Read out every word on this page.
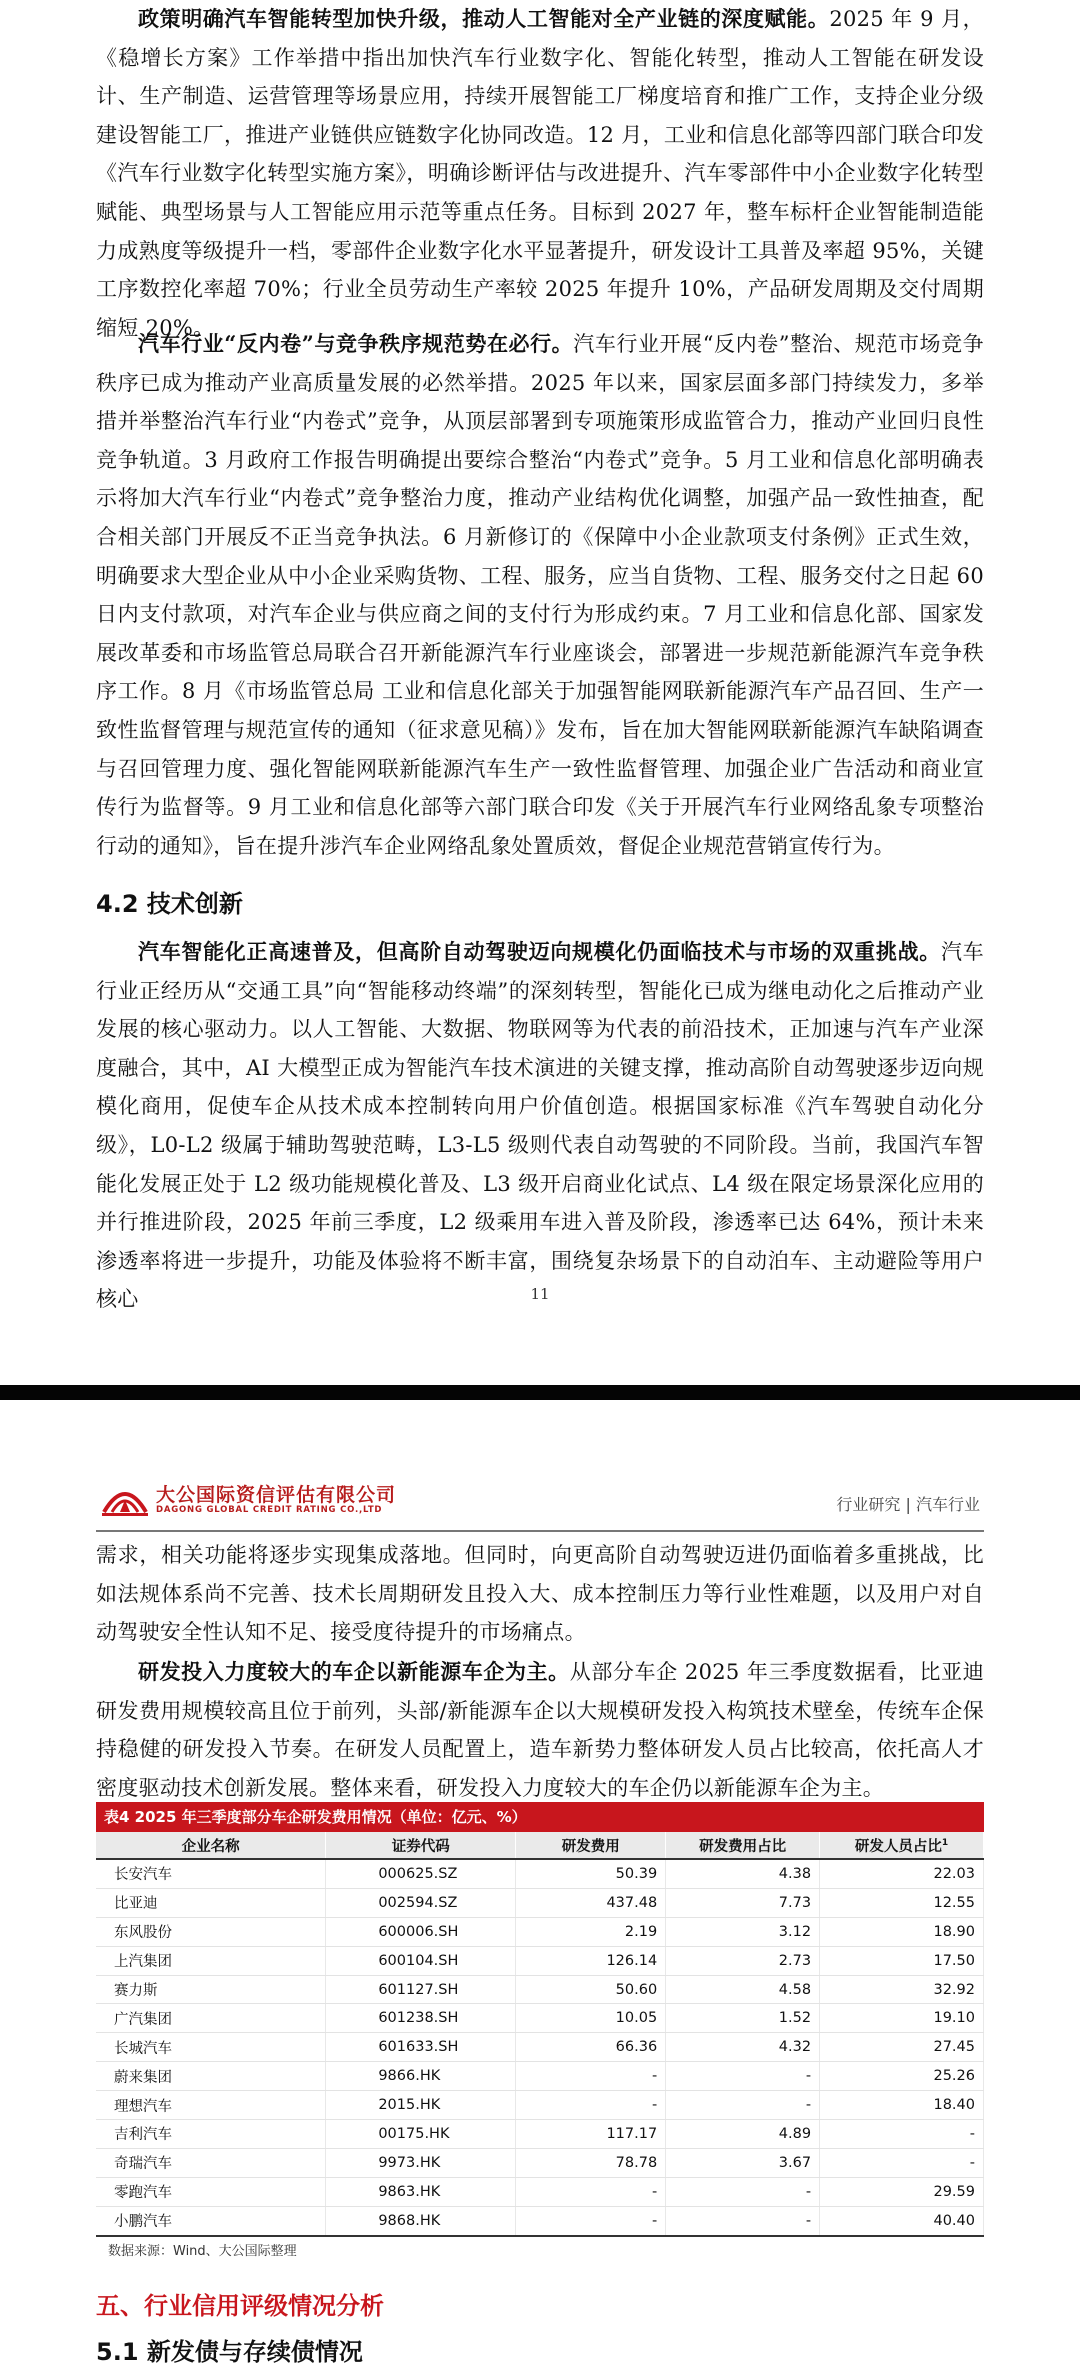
政策明确汽车智能转型加快升级，推动人工智能对全产业链的深度赋能。2025 年 9 月，《稳增长方案》工作举措中指出加快汽车行业数字化、智能化转型，推动人工智能在研发设计、生产制造、运营管理等场景应用，持续开展智能工厂梯度培育和推广工作，支持企业分级建设智能工厂，推进产业链供应链数字化协同改造。12 月，工业和信息化部等四部门联合印发《汽车行业数字化转型实施方案》，明确诊断评估与改进提升、汽车零部件中小企业数字化转型赋能、典型场景与人工智能应用示范等重点任务。目标到 2027 年，整车标杆企业智能制造能力成熟度等级提升一档，零部件企业数字化水平显著提升，研发设计工具普及率超 95%，关键工序数控化率超 70%；行业全员劳动生产率较 2025 年提升 10%，产品研发周期及交付周期缩短 20%。

汽车行业“反内卷”与竞争秩序规范势在必行。汽车行业开展“反内卷”整治、规范市场竞争秩序已成为推动产业高质量发展的必然举措。2025 年以来，国家层面多部门持续发力，多举措并举整治汽车行业“内卷式”竞争，从顶层部署到专项施策形成监管合力，推动产业回归良性竞争轨道。3 月政府工作报告明确提出要综合整治“内卷式”竞争。5 月工业和信息化部明确表示将加大汽车行业“内卷式”竞争整治力度，推动产业结构优化调整，加强产品一致性抽查，配合相关部门开展反不正当竞争执法。6 月新修订的《保障中小企业款项支付条例》正式生效，明确要求大型企业从中小企业采购货物、工程、服务，应当自货物、工程、服务交付之日起 60 日内支付款项，对汽车企业与供应商之间的支付行为形成约束。7 月工业和信息化部、国家发展改革委和市场监管总局联合召开新能源汽车行业座谈会，部署进一步规范新能源汽车竞争秩序工作。8 月《市场监管总局 工业和信息化部关于加强智能网联新能源汽车产品召回、生产一致性监督管理与规范宣传的通知（征求意见稿）》发布，旨在加大智能网联新能源汽车缺陷调查与召回管理力度、强化智能网联新能源汽车生产一致性监督管理、加强企业广告活动和商业宣传行为监督等。9 月工业和信息化部等六部门联合印发《关于开展汽车行业网络乱象专项整治行动的通知》，旨在提升涉汽车企业网络乱象处置质效，督促企业规范营销宣传行为。

4.2 技术创新

汽车智能化正高速普及，但高阶自动驾驶迈向规模化仍面临技术与市场的双重挑战。汽车行业正经历从“交通工具”向“智能移动终端”的深刻转型，智能化已成为继电动化之后推动产业发展的核心驱动力。以人工智能、大数据、物联网等为代表的前沿技术，正加速与汽车产业深度融合，其中，AI 大模型正成为智能汽车技术演进的关键支撑，推动高阶自动驾驶逐步迈向规模化商用，促使车企从技术成本控制转向用户价值创造。根据国家标准《汽车驾驶自动化分级》，L0-L2 级属于辅助驾驶范畴，L3-L5 级则代表自动驾驶的不同阶段。当前，我国汽车智能化发展正处于 L2 级功能规模化普及、L3 级开启商业化试点、L4 级在限定场景深化应用的并行推进阶段，2025 年前三季度，L2 级乘用车进入普及阶段，渗透率已达 64%，预计未来渗透率将进一步提升，功能及体验将不断丰富，围绕复杂场景下的自动泊车、主动避险等用户核心	11
大公国际资信评估有限公司
DAGONG GLOBAL CREDIT RATING CO.,LTD	行业研究 | 汽车行业

需求，相关功能将逐步实现集成落地。但同时，向更高阶自动驾驶迈进仍面临着多重挑战，比如法规体系尚不完善、技术长周期研发且投入大、成本控制压力等行业性难题，以及用户对自动驾驶安全性认知不足、接受度待提升的市场痛点。

研发投入力度较大的车企以新能源车企为主。从部分车企 2025 年三季度数据看，比亚迪研发费用规模较高且位于前列，头部/新能源车企以大规模研发投入构筑技术壁垒，传统车企保持稳健的研发投入节奏。在研发人员配置上，造车新势力整体研发人员占比较高，依托高人才密度驱动技术创新发展。整体来看，研发投入力度较大的车企仍以新能源车企为主。

表4 2025 年三季度部分车企研发费用情况（单位：亿元、%）
企业名称	证券代码	研发费用	研发费用占比	研发人员占比$^1$
长安汽车	000625.SZ	50.39	4.38	22.03
比亚迪	002594.SZ	437.48	7.73	12.55
东风股份	600006.SH	2.19	3.12	18.90
上汽集团	600104.SH	126.14	2.73	17.50
赛力斯	601127.SH	50.60	4.58	32.92
广汽集团	601238.SH	10.05	1.52	19.10
长城汽车	601633.SH	66.36	4.32	27.45
蔚来集团	9866.HK	-	-	25.26
理想汽车	2015.HK	-	-	18.40
吉利汽车	00175.HK	117.17	4.89	-
奇瑞汽车	9973.HK	78.78	3.67	-
零跑汽车	9863.HK	-	-	29.59
小鹏汽车	9868.HK	-	-	40.40
数据来源：Wind、大公国际整理
五、行业信用评级情况分析
5.1 新发债与存续债情况
